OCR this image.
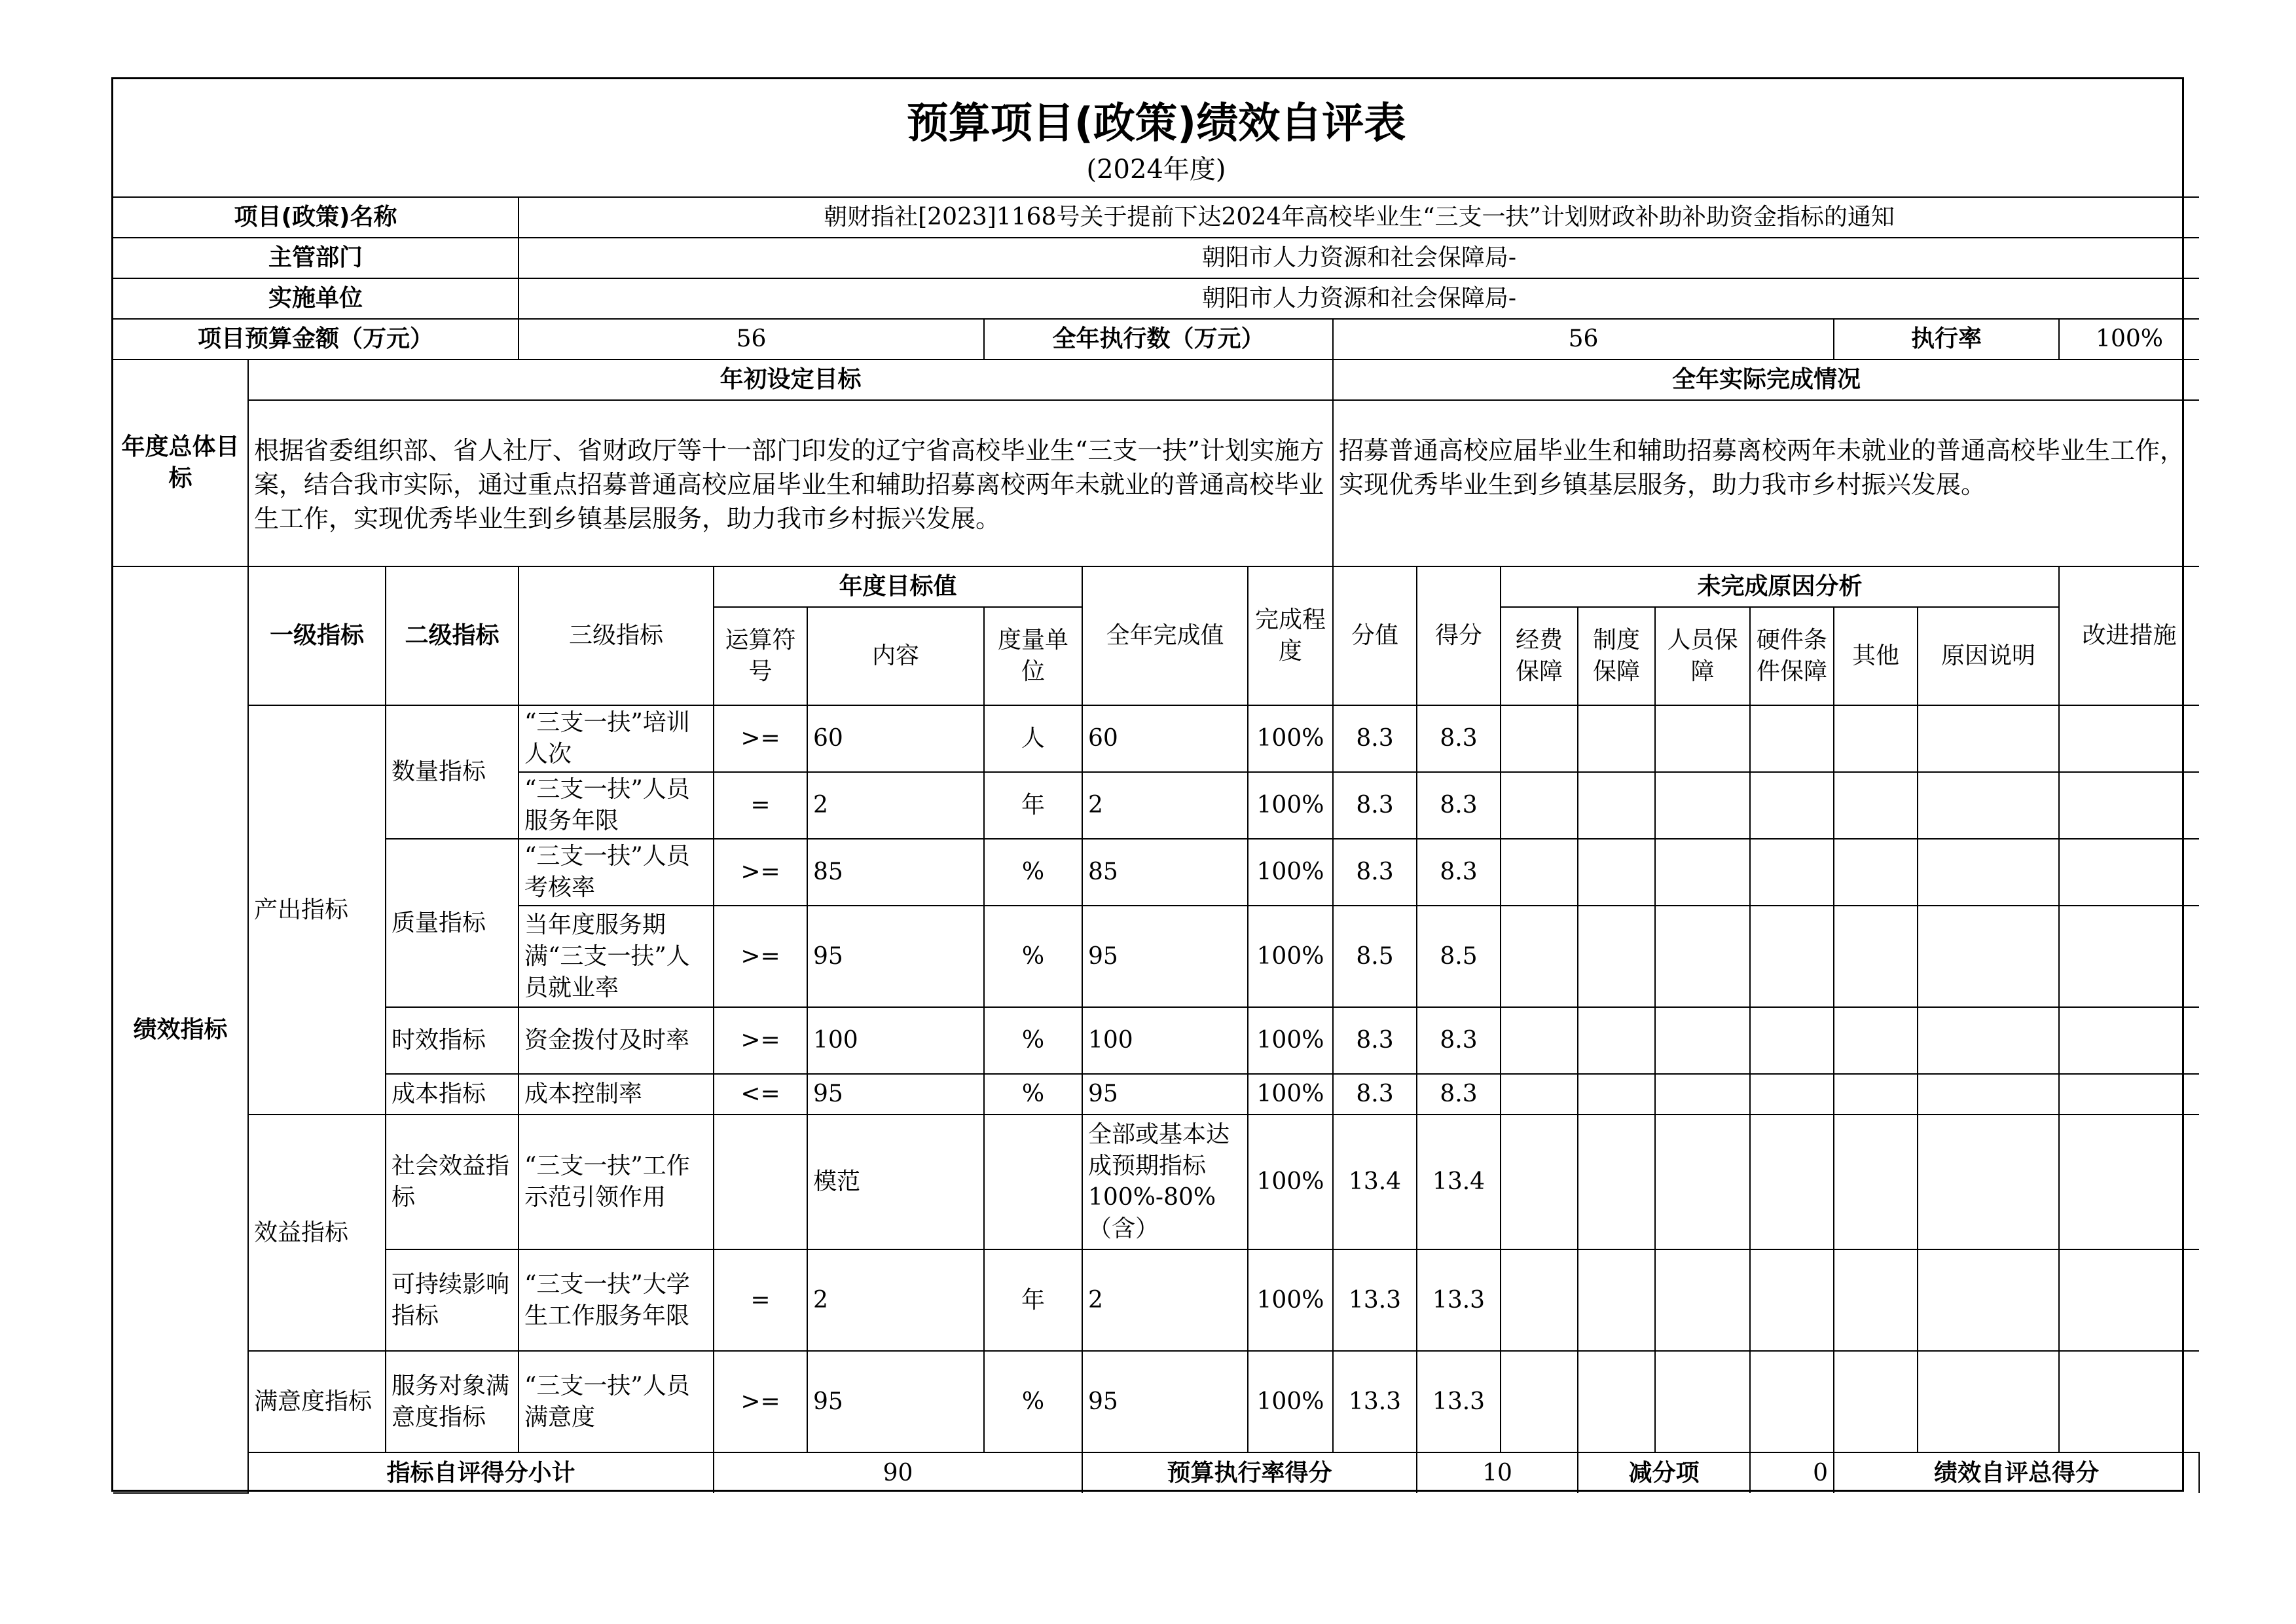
预算项目(政策)绩效自评表
(2024年度)																		

项目(政策)名称			朝财指社[2023]1168号关于提前下达2024年高校毕业生“三支一扶”计划财政补助补助资金指标的通知															
主管部门			朝阳市人力资源和社会保障局-															
实施单位			朝阳市人力资源和社会保障局-															
项目预算金额（万元）			56			全年执行数（万元）			56						执行率		100%	
年度总体目标	年初设定目标								全年实际完成情况									
	根据省委组织部、省人社厅、省财政厅等十一部门印发的辽宁省高校毕业生“三支一扶”计划实施方案，结合我市实际，通过重点招募普通高校应届毕业生和辅助招募离校两年未就业的普通高校毕业生工作，实现优秀毕业生到乡镇基层服务，助力我市乡村振兴发展。								招募普通高校应届毕业生和辅助招募离校两年未就业的普通高校毕业生工作，实现优秀毕业生到乡镇基层服务，助力我市乡村振兴发展。									
绩效指标	一级指标	二级指标	三级指标	年度目标值			全年完成值	完成程度	分值	得分	未完成原因分析						改进措施	
				运算符号	内容	度量单位					经费保障	制度保障	人员保障	硬件条件保障	其他	原因说明		
	产出指标	数量指标	“三支一扶”培训人次	>=	60	人	60	100%	8.3	8.3								
			“三支一扶”人员服务年限	=	2	年	2	100%	8.3	8.3								
		质量指标	“三支一扶”人员考核率	>=	85	%	85	100%	8.3	8.3								
			当年度服务期满“三支一扶”人员就业率	>=	95	%	95	100%	8.5	8.5								
		时效指标	资金拨付及时率	>=	100	%	100	100%	8.3	8.3								
		成本指标	成本控制率	<=	95	%	95	100%	8.3	8.3								
	效益指标	社会效益指标	“三支一扶”工作示范引领作用		模范		全部或基本达成预期指标100%-80%（含）	100%	13.4	13.4								
		可持续影响指标	“三支一扶”大学生工作服务年限	=	2	年	2	100%	13.3	13.3								
	满意度指标	服务对象满意度指标	“三支一扶”人员满意度	>=	95	%	95	100%	13.3	13.3								
	指标自评得分小计			90			预算执行率得分			10		减分项		0	绩效自评总得分	
